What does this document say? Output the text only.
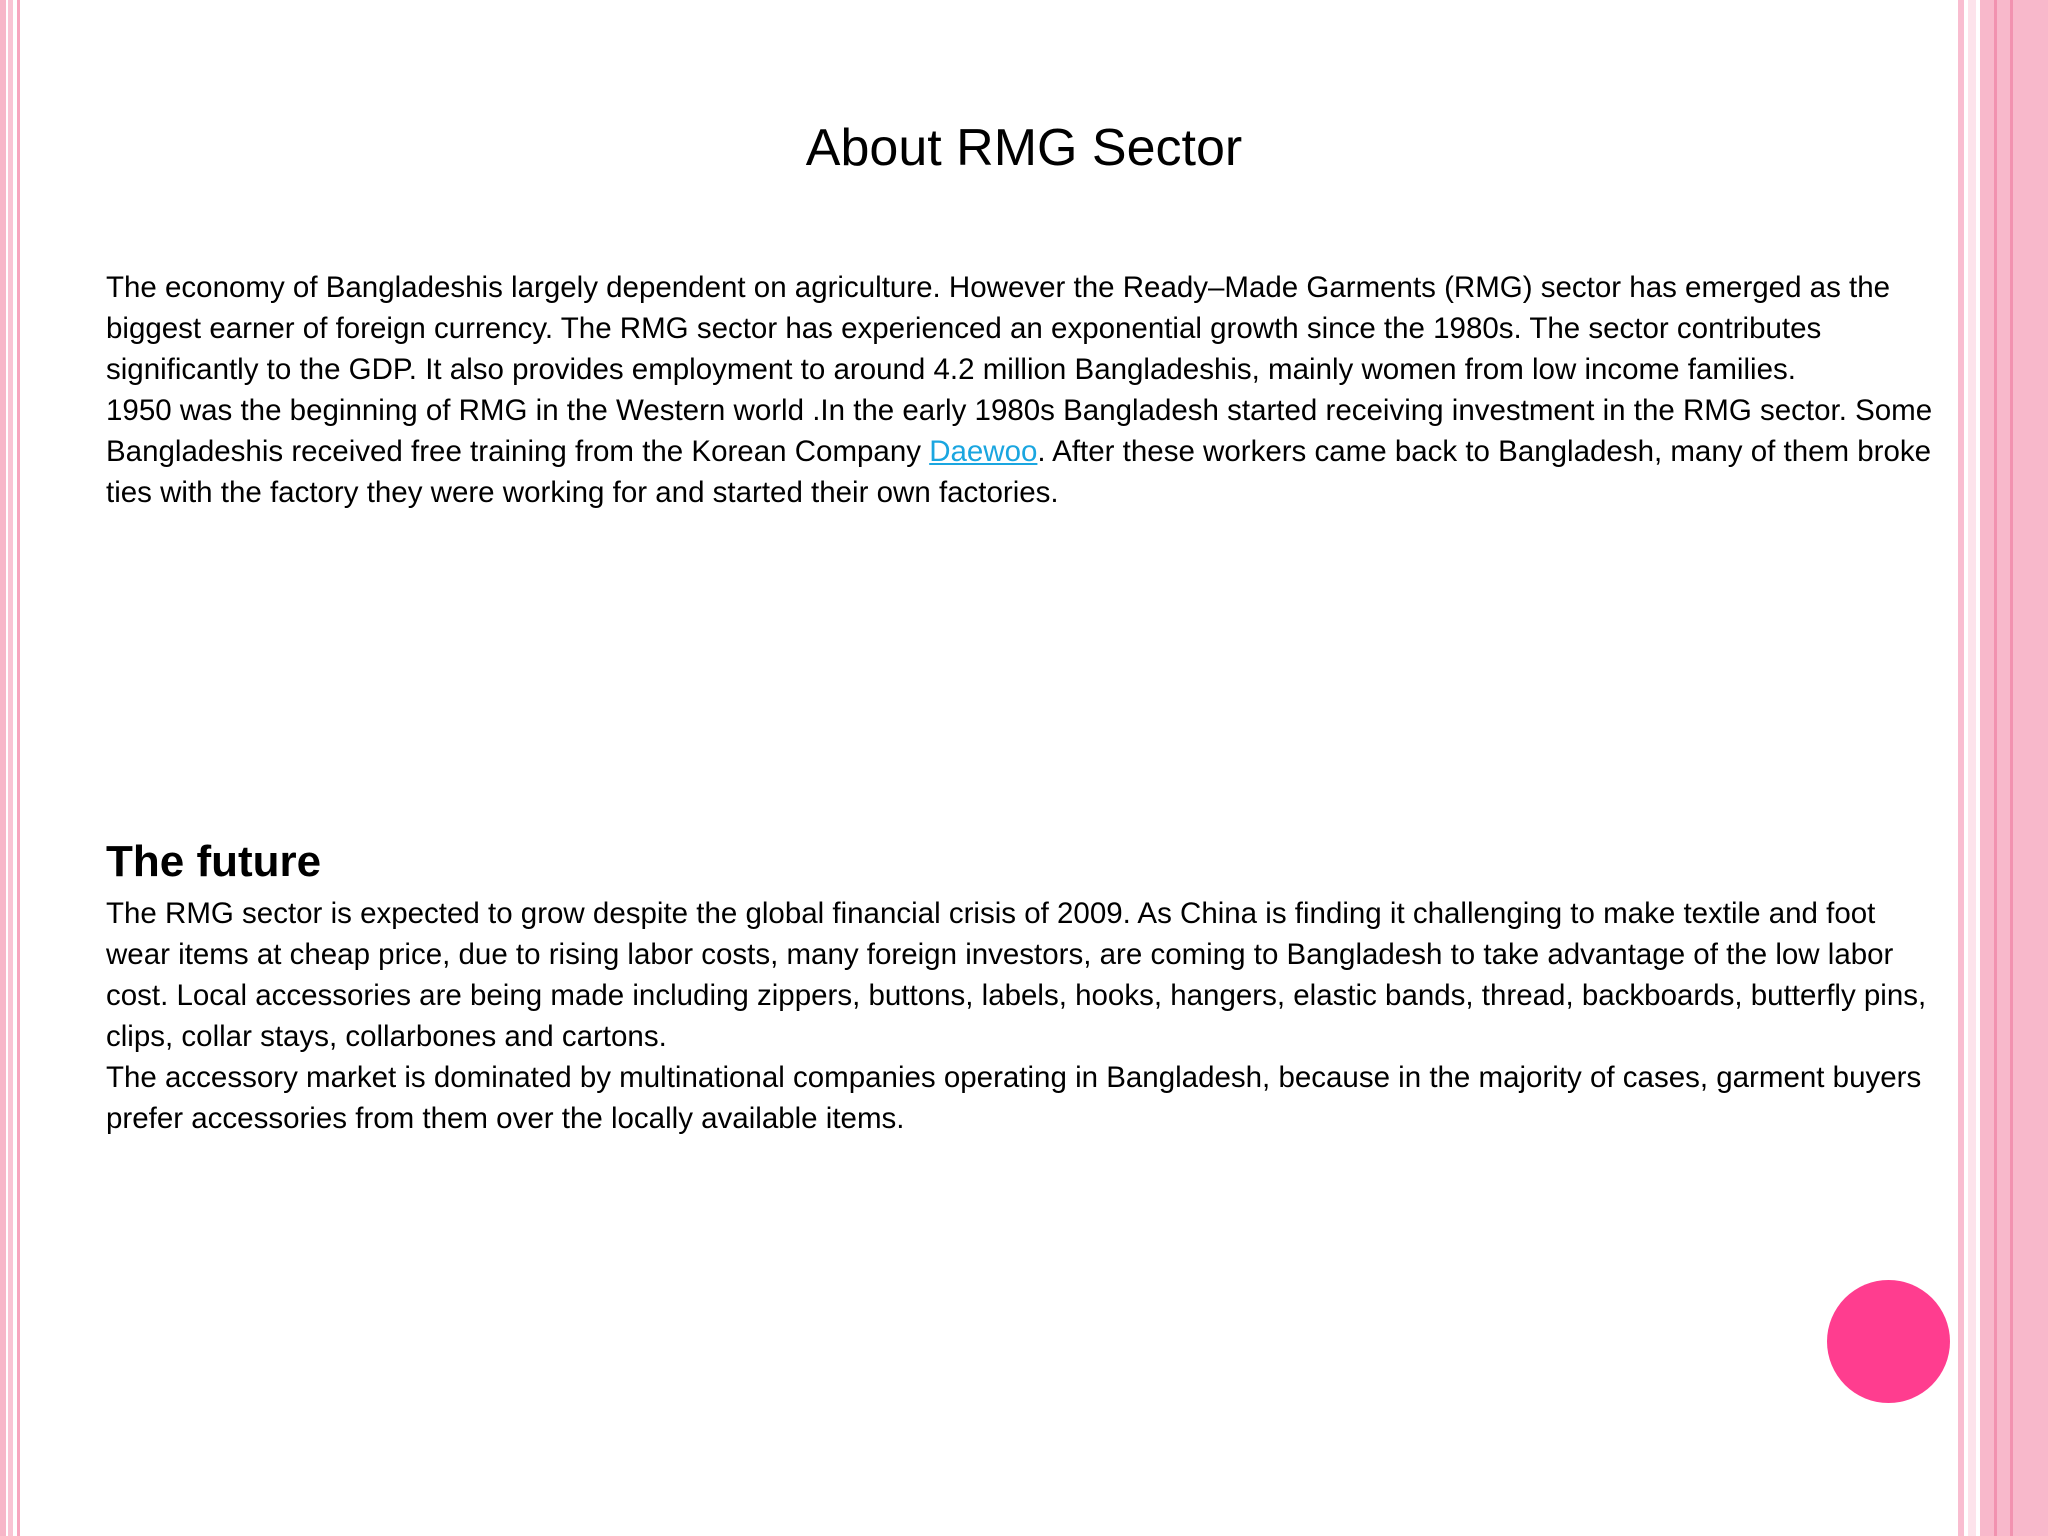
About RMG Sector

The economy of Bangladeshis largely dependent on agriculture. However the Ready–Made Garments (RMG) sector has emerged as the biggest earner of foreign currency. The RMG sector has experienced an exponential growth since the 1980s. The sector contributes significantly to the GDP. It also provides employment to around 4.2 million Bangladeshis, mainly women from low income families.

1950 was the beginning of RMG in the Western world .In the early 1980s Bangladesh started receiving investment in the RMG sector. Some Bangladeshis received free training from the Korean Company Daewoo. After these workers came back to Bangladesh, many of them broke ties with the factory they were working for and started their own factories.

The future

The RMG sector is expected to grow despite the global financial crisis of 2009. As China is finding it challenging to make textile and foot wear items at cheap price, due to rising labor costs, many foreign investors, are coming to Bangladesh to take advantage of the low labor cost. Local accessories are being made including zippers, buttons, labels, hooks, hangers, elastic bands, thread, backboards, butterfly pins, clips, collar stays, collarbones and cartons.

The accessory market is dominated by multinational companies operating in Bangladesh, because in the majority of cases, garment buyers prefer accessories from them over the locally available items.
